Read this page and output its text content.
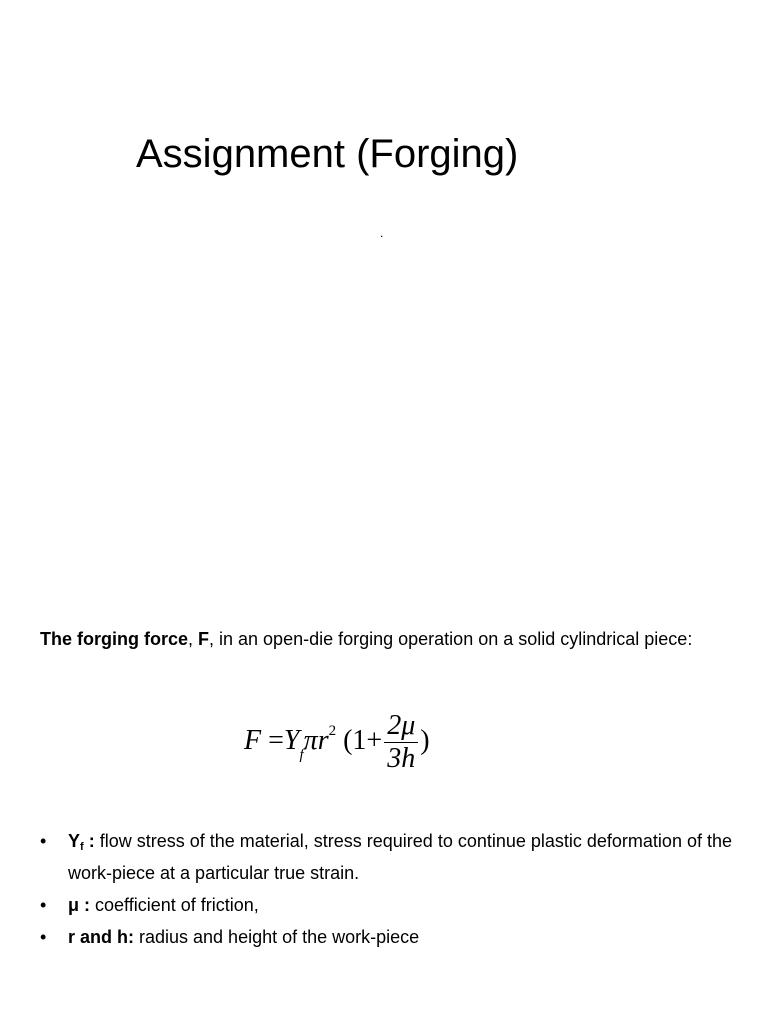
Assignment (Forging)
.
The forging force, F, in an open-die forging operation on a solid cylindrical piece:
$F =Y_f\pi r^2$ ($1+ \frac{2\mu}{3h}$ )
• $Y_f$ : flow stress of the material, stress required to continue plastic deformation of the work-piece at a particular true strain.
• μ : coefficient of friction,
• r and h: radius and height of the work-piece
